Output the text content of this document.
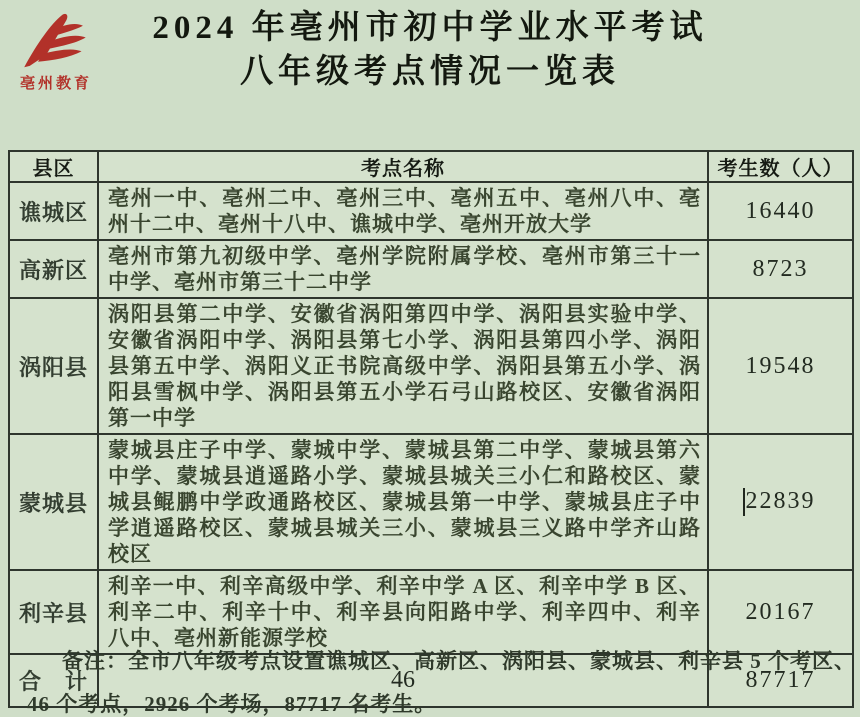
亳州教育
2024 年亳州市初中学业水平考试
八年级考点情况一览表
县区	考点名称	考生数（人）
谯城区	亳州一中、亳州二中、亳州三中、亳州五中、亳州八中、亳州十二中、亳州十八中、谯城中学、亳州开放大学	16440
高新区	亳州市第九初级中学、亳州学院附属学校、亳州市第三十一中学、亳州市第三十二中学	8723
涡阳县	涡阳县第二中学、安徽省涡阳第四中学、涡阳县实验中学、安徽省涡阳中学、涡阳县第七小学、涡阳县第四小学、涡阳县第五中学、涡阳义正书院高级中学、涡阳县第五小学、涡阳县雪枫中学、涡阳县第五小学石弓山路校区、安徽省涡阳第一中学	19548
蒙城县	蒙城县庄子中学、蒙城中学、蒙城县第二中学、蒙城县第六中学、蒙城县逍遥路小学、蒙城县城关三小仁和路校区、蒙城县鲲鹏中学政通路校区、蒙城县第一中学、蒙城县庄子中学逍遥路校区、蒙城县城关三小、蒙城县三义路中学齐山路校区	22839
利辛县	利辛一中、利辛高级中学、利辛中学 A 区、利辛中学 B 区、利辛二中、利辛十中、利辛县向阳路中学、利辛四中、利辛八中、亳州新能源学校	20167
合　计	46	87717
备注：全市八年级考点设置谯城区、高新区、涡阳县、蒙城县、利辛县 5 个考区、
46 个考点，2926 个考场，87717 名考生。
